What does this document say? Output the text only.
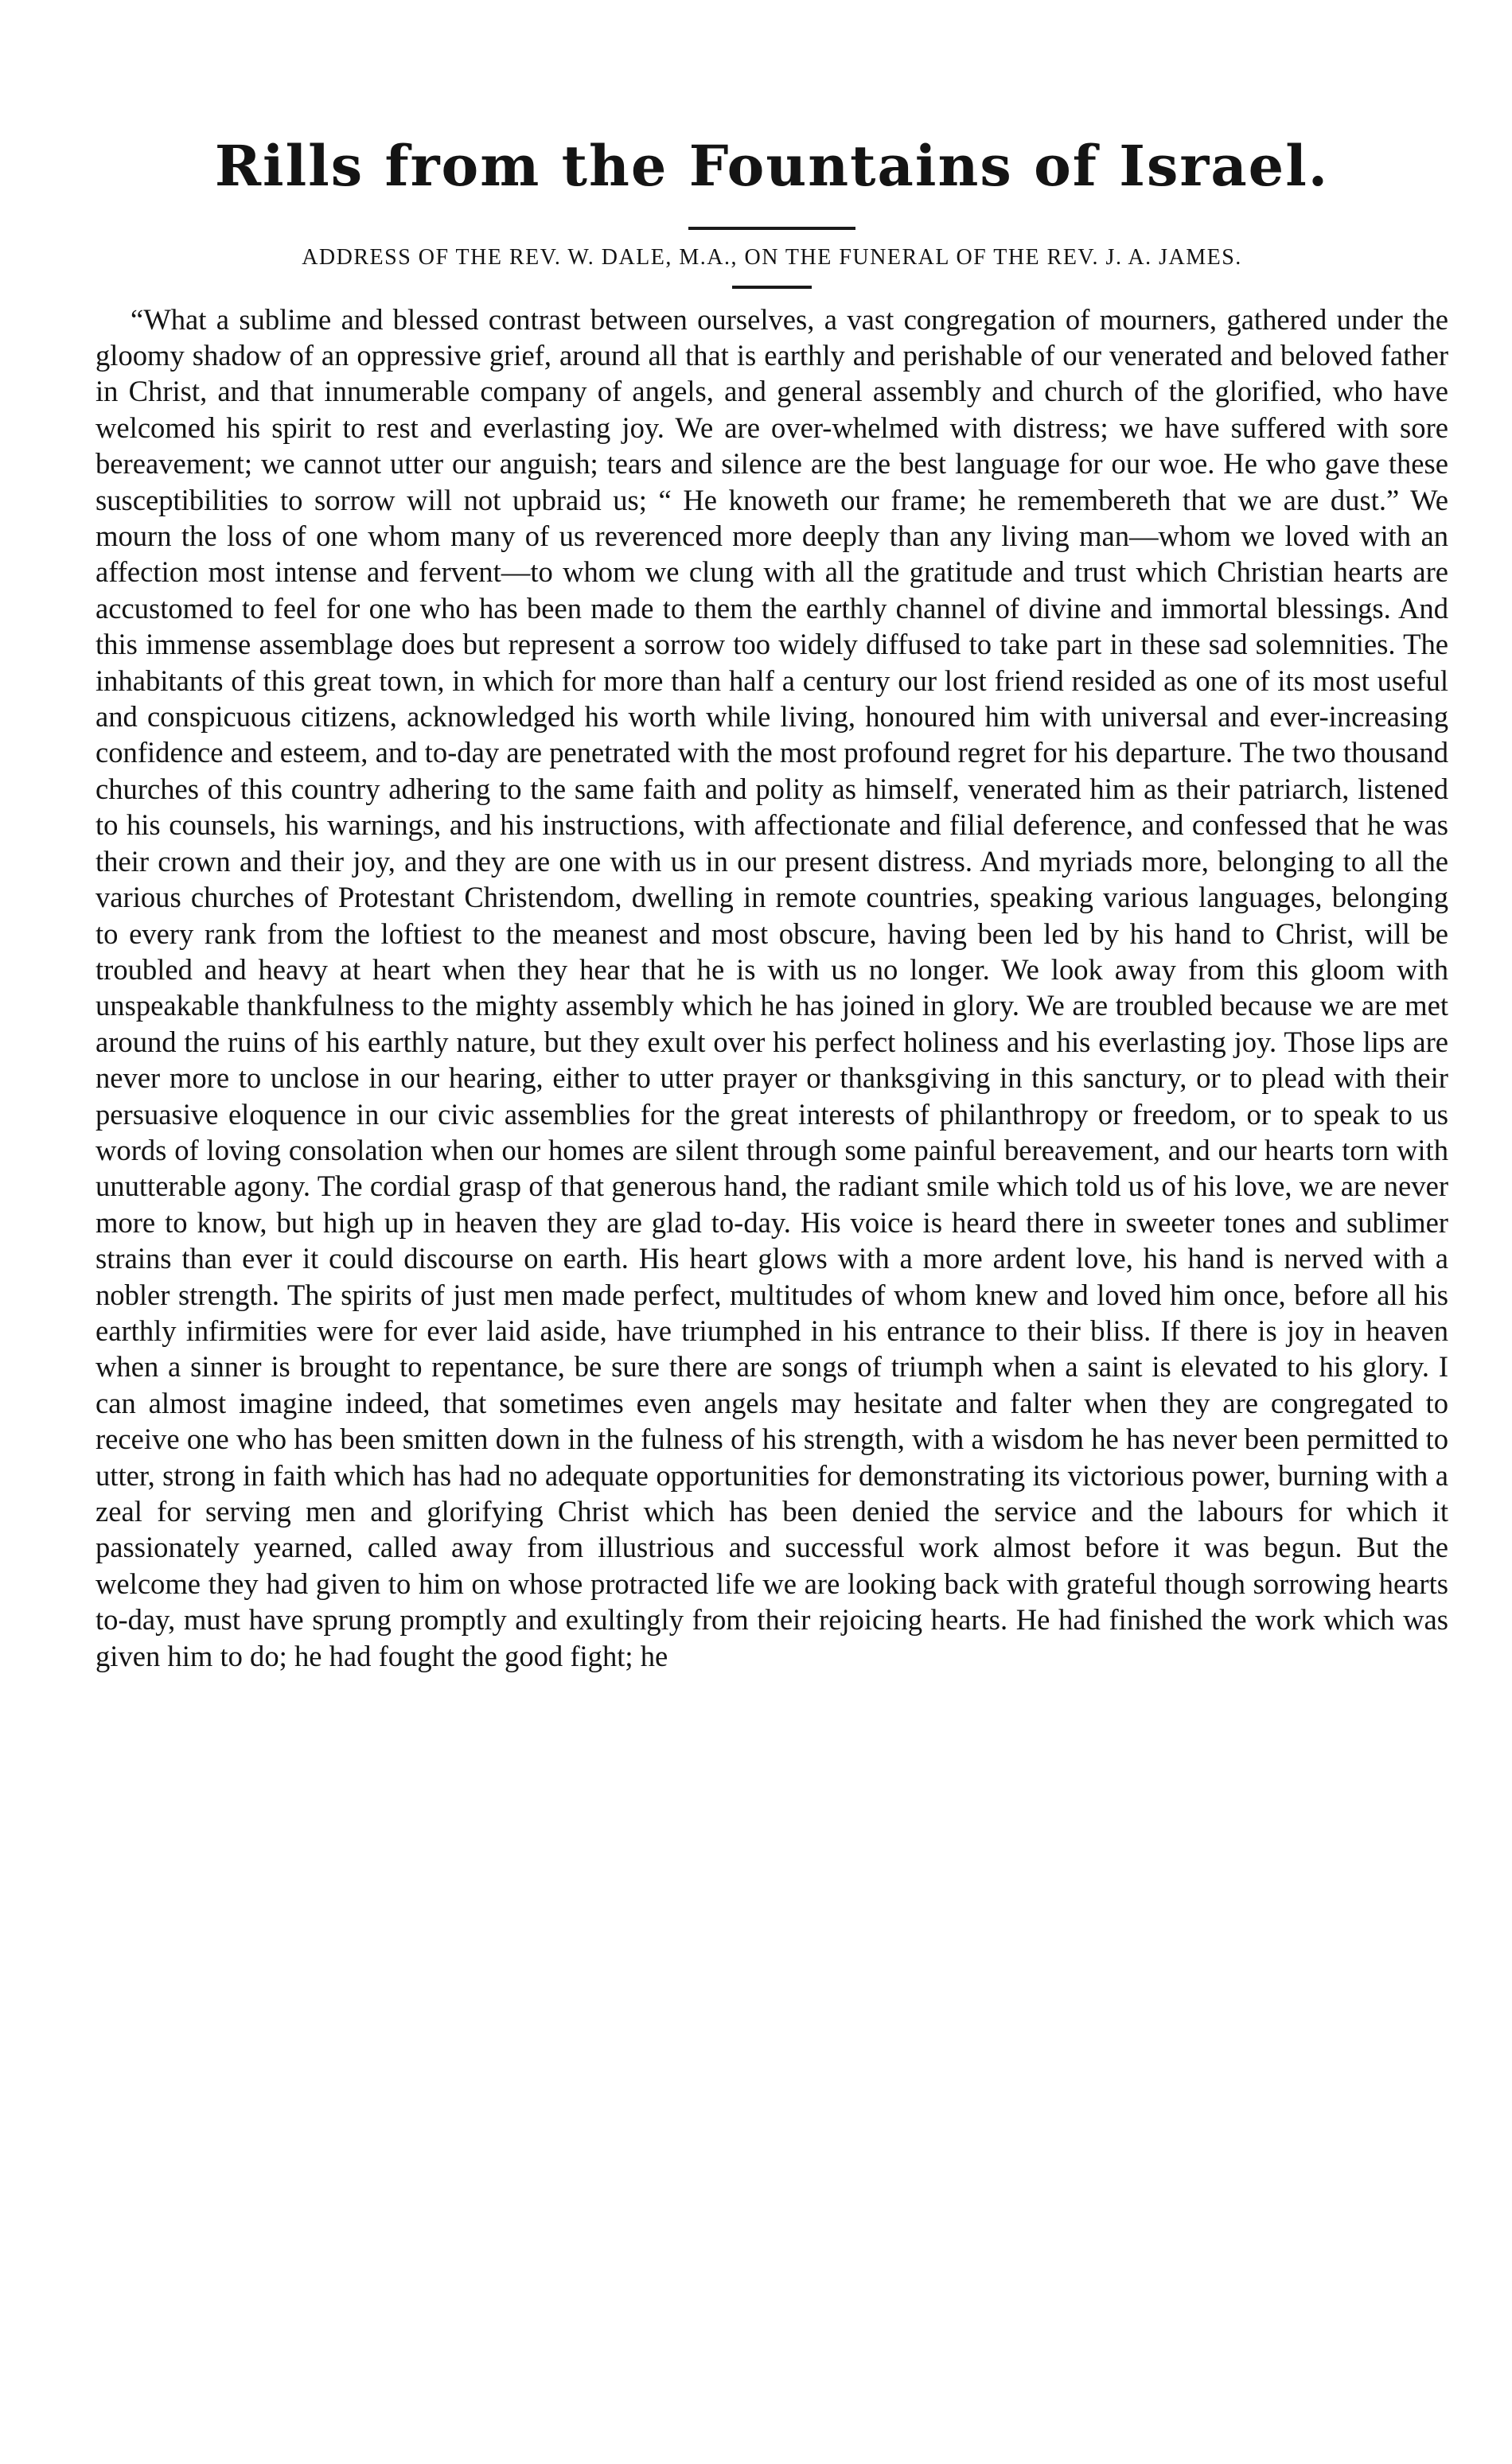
Rills from the Fountains of Israel.

ADDRESS OF THE REV. W. DALE, M.A., ON THE FUNERAL OF THE REV. J. A. JAMES.

“What a sublime and blessed contrast between ourselves, a vast congregation of mourners, gathered under the gloomy shadow of an oppressive grief, around all that is earthly and perishable of our venerated and beloved father in Christ, and that innumerable company of angels, and general assembly and church of the glorified, who have welcomed his spirit to rest and everlasting joy. We are over-whelmed with distress; we have suffered with sore bereavement; we cannot utter our anguish; tears and silence are the best language for our woe. He who gave these susceptibilities to sorrow will not upbraid us; “ He knoweth our frame; he remembereth that we are dust.” We mourn the loss of one whom many of us reverenced more deeply than any living man—whom we loved with an affection most intense and fervent—to whom we clung with all the gratitude and trust which Christian hearts are accustomed to feel for one who has been made to them the earthly channel of divine and immortal blessings. And this immense assemblage does but represent a sorrow too widely diffused to take part in these sad solemnities. The inhabitants of this great town, in which for more than half a century our lost friend resided as one of its most useful and conspicuous citizens, acknowledged his worth while living, honoured him with universal and ever-increasing confidence and esteem, and to-day are penetrated with the most profound regret for his departure. The two thousand churches of this country adhering to the same faith and polity as himself, venerated him as their patriarch, listened to his counsels, his warnings, and his instructions, with affectionate and filial deference, and confessed that he was their crown and their joy, and they are one with us in our present distress. And myriads more, belonging to all the various churches of Protestant Christendom, dwelling in remote countries, speaking various languages, belonging to every rank from the loftiest to the meanest and most obscure, having been led by his hand to Christ, will be troubled and heavy at heart when they hear that he is with us no longer. We look away from this gloom with unspeakable thankfulness to the mighty assembly which he has joined in glory. We are troubled because we are met around the ruins of his earthly nature, but they exult over his perfect holiness and his everlasting joy. Those lips are never more to unclose in our hearing, either to utter prayer or thanksgiving in this sanctury, or to plead with their persuasive eloquence in our civic assemblies for the great interests of philanthropy or freedom, or to speak to us words of loving consolation when our homes are silent through some painful bereavement, and our hearts torn with unutterable agony. The cordial grasp of that generous hand, the radiant smile which told us of his love, we are never more to know, but high up in heaven they are glad to-day. His voice is heard there in sweeter tones and sublimer strains than ever it could discourse on earth. His heart glows with a more ardent love, his hand is nerved with a nobler strength. The spirits of just men made perfect, multitudes of whom knew and loved him once, before all his earthly infirmities were for ever laid aside, have triumphed in his entrance to their bliss. If there is joy in heaven when a sinner is brought to repentance, be sure there are songs of triumph when a saint is elevated to his glory. I can almost imagine indeed, that sometimes even angels may hesitate and falter when they are congregated to receive one who has been smitten down in the fulness of his strength, with a wisdom he has never been permitted to utter, strong in faith which has had no adequate opportunities for demonstrating its victorious power, burning with a zeal for serving men and glorifying Christ which has been denied the service and the labours for which it passionately yearned, called away from illustrious and successful work almost before it was begun. But the welcome they had given to him on whose protracted life we are looking back with grateful though sorrowing hearts to-day, must have sprung promptly and exultingly from their rejoicing hearts. He had finished the work which was given him to do; he had fought the good fight; he
